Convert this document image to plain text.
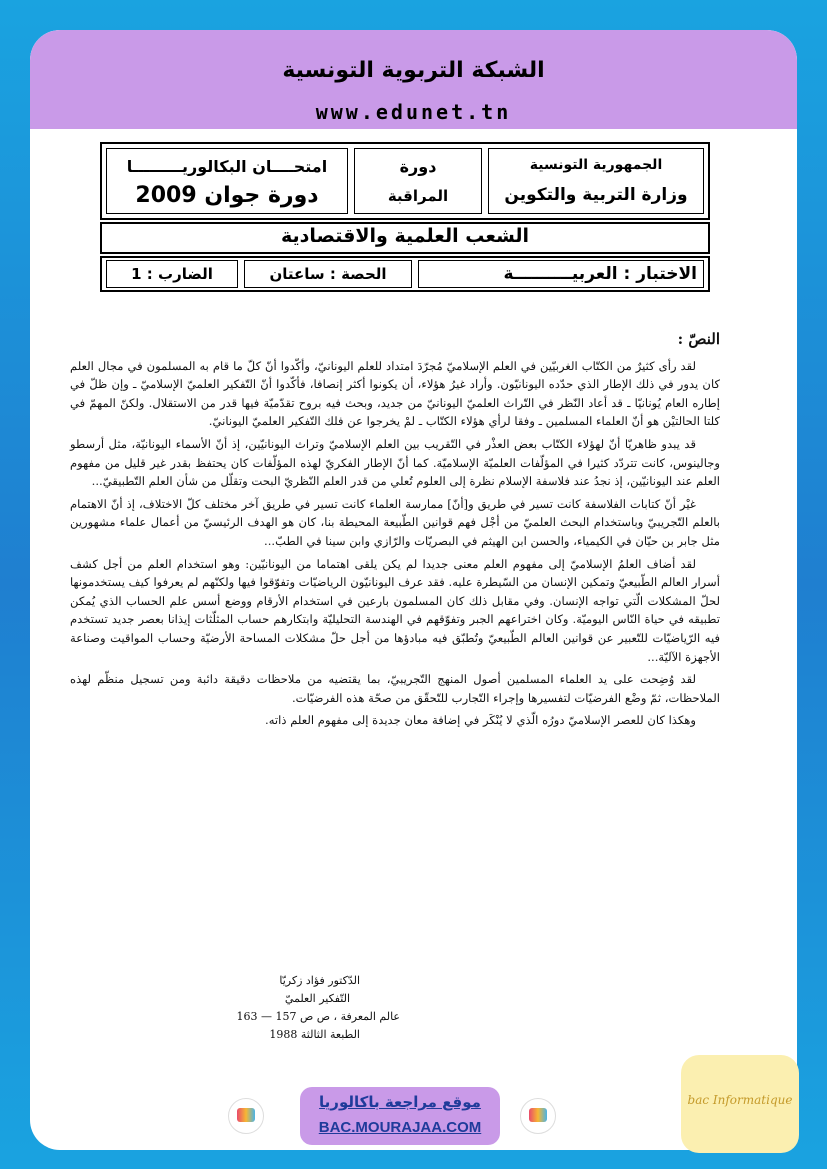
الشبكة التربوية التونسية
www.edunet.tn
الجمهورية التونسية
وزارة التربية والتكوين
دورة
المراقبة
امتحــــان البكالوريـــــــــا
دورة جوان 2009
الشعب العلمية والاقتصادية
الاختبار : العربيــــــــــة
الحصة : ساعتان
الضارب : 1
النصّ :

لقد رأى كثيرٌ من الكتّاب الغربيّين في العلم الإسلاميّ مُجرّدَ امتداد للعلم اليونانيّ، وأكّدوا أنّ كلّ ما قام به المسلمون في مجال العلم كان يدور في ذلك الإطار الذي حدّده اليونانيّون. وأراد غيرُ هؤلاء، أن يكونوا أكثر إنصافا، فأكّدوا أنّ التّفكير العلميّ الإسلاميّ ـ وإن ظلّ في إطاره العام يُونانيّا ـ قد أعاد النّظر في التّراث العلميّ اليونانيّ من جديد، وبحث فيه بروح تقدّميّة فيها قدر من الاستقلال. ولكنّ المهمّ في كلتا الحالتيْن هو أنّ العلماء المسلمين ـ وفقا لرأي هؤلاء الكتّاب ـ لمْ يخرجوا عن فلك التّفكير العلميّ اليونانيّ.

قد يبدو ظاهريّا أنّ لهؤلاء الكتّاب بعض العذْر في التّقريب بين العلم الإسلاميّ وتراث اليونانيّين، إذ أنّ الأسماء اليونانيّة، مثل أرسطو وجالينوس، كانت تتردّد كثيرا في المؤلّفات العلميّة الإسلاميّة. كما أنّ الإطار الفكريّ لهذه المؤلّفات كان يحتفظ بقدر غير قليل من مفهوم العلم عند اليونانيّين، إذ نجدُ عند فلاسفة الإسلام نظرة إلى العلوم تُعلي من قدر العلم النّظريّ البحت وتقلّل من شأن العلم التّطبيقيّ...

غيْر أنّ كتابات الفلاسفة كانت تسير في طريق و[أنّ] ممارسة العلماء كانت تسير في طريق آخر مختلف كلّ الاختلاف، إذ أنّ الاهتمام بالعلم التّجريبيّ وباستخدام البحث العلميّ من أجْل فهم قوانين الطّبيعة المحيطة بنا، كان هو الهدف الرئيسيّ من أعمال علماء مشهورين مثل جابر بن حيّان في الكيمياء، والحسن ابن الهيثم في البصريّات والرّازي وابن سينا في الطبّ...

لقد أضاف العلمُ الإسلاميّ إلى مفهوم العلم معنى جديدا لم يكن يلقى اهتماما من اليونانيّين: وهو استخدام العلم من أجل كشف أسرار العالم الطّبيعيّ وتمكين الإنسان من السّيطرة عليه. فقد عرف اليونانيّون الرياضيّات وتفوّقوا فيها ولكنّهم لم يعرفوا كيف يستخدمونها لحلّ المشكلات الّتي تواجه الإنسان. وفي مقابل ذلك كان المسلمون بارعين في استخدام الأرقام ووضع أسس علم الحساب الذي يُمكن تطبيقه في حياة النّاس اليوميّة. وكان اختراعهم الجبر وتفوّقهم في الهندسة التحليليّة وابتكارهم حساب المثلّثات إيذانا بعصر جديد تستخدم فيه الرّياضيّات للتّعبير عن قوانين العالم الطّبيعيّ وتُطبّق فيه مبادؤها من أجل حلّ مشكلات المساحة الأرضيّة وحساب المواقيت وصناعة الأجهزة الآليّة...

لقد وُضِحت على يد العلماء المسلمين أصول المنهج التّجريبيّ، بما يقتضيه من ملاحظات دقيقة دائبة ومن تسجيل منظّم لهذه الملاحظات، ثمّ وضْع الفرضيّات لتفسيرها وإجراء التّجارب للتّحقّق من صحّة هذه الفرضيّات.

وهكذا كان للعصر الإسلاميّ دورُه الّذي لا يُنْكَر في إضافة معان جديدة إلى مفهوم العلم ذاته.

الدّكتور فؤاد زكريّا
التّفكير العلميّ
عالم المعرفة ، ص ص 157 — 163
الطبعة الثالثة 1988
موقع مراجعة باكالوريا
BAC.MOURAJAA.COM
bac Informatique
